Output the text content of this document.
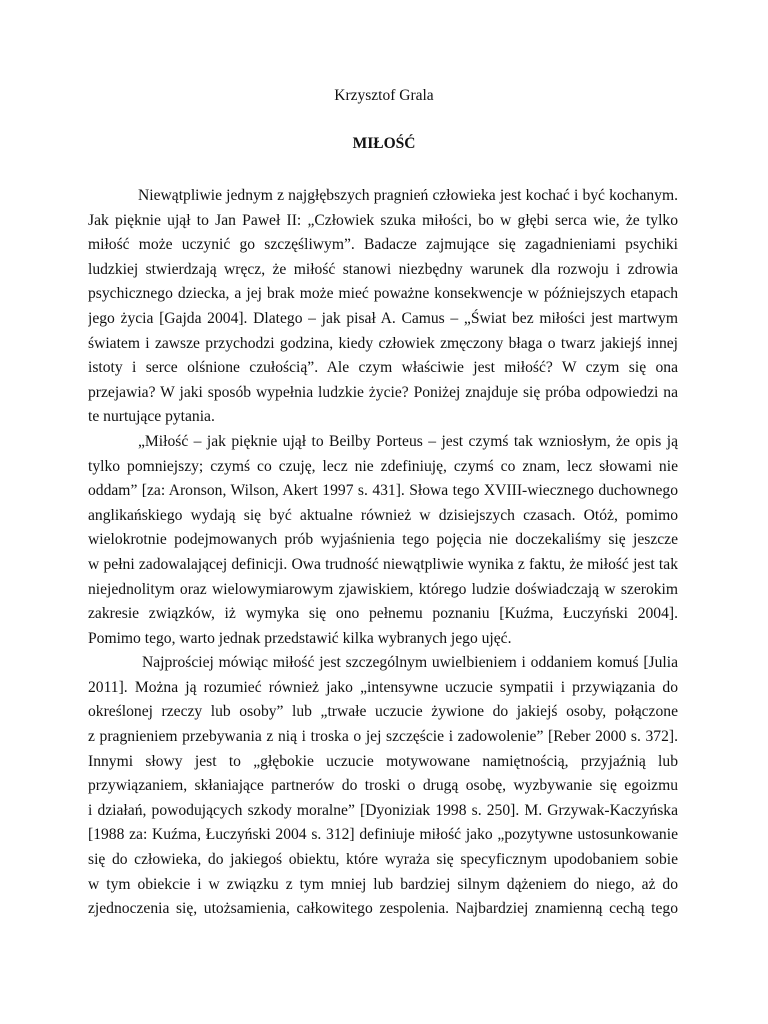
Krzysztof Grala
MIŁOŚĆ
Niewątpliwie jednym z najgłębszych pragnień człowieka jest kochać i być kochanym.
Jak pięknie ujął to Jan Paweł II: „Człowiek szuka miłości, bo w głębi serca wie, że tylko
miłość może uczynić go szczęśliwym”. Badacze zajmujące się zagadnieniami psychiki
ludzkiej stwierdzają wręcz, że miłość stanowi niezbędny warunek dla rozwoju i zdrowia
psychicznego dziecka, a jej brak może mieć poważne konsekwencje w późniejszych etapach
jego życia [Gajda 2004]. Dlatego – jak pisał A. Camus – „Świat bez miłości jest martwym
światem i zawsze przychodzi godzina, kiedy człowiek zmęczony błaga o twarz jakiejś innej
istoty i serce olśnione czułością”. Ale czym właściwie jest miłość? W czym się ona
przejawia? W jaki sposób wypełnia ludzkie życie? Poniżej znajduje się próba odpowiedzi na
te nurtujące pytania.
„Miłość – jak pięknie ujął to Beilby Porteus – jest czymś tak wzniosłym, że opis ją
tylko pomniejszy; czymś co czuję, lecz nie zdefiniuję, czymś co znam, lecz słowami nie
oddam” [za: Aronson, Wilson, Akert 1997 s. 431]. Słowa tego XVIII-wiecznego duchownego
anglikańskiego wydają się być aktualne również w dzisiejszych czasach. Otóż, pomimo
wielokrotnie podejmowanych prób wyjaśnienia tego pojęcia nie doczekaliśmy się jeszcze
w pełni zadowalającej definicji. Owa trudność niewątpliwie wynika z faktu, że miłość jest tak
niejednolitym oraz wielowymiarowym zjawiskiem, którego ludzie doświadczają w szerokim
zakresie związków, iż wymyka się ono pełnemu poznaniu [Kuźma, Łuczyński 2004].
Pomimo tego, warto jednak przedstawić kilka wybranych jego ujęć.
Najprościej mówiąc miłość jest szczególnym uwielbieniem i oddaniem komuś [Julia
2011]. Można ją rozumieć również jako „intensywne uczucie sympatii i przywiązania do
określonej rzeczy lub osoby” lub „trwałe uczucie żywione do jakiejś osoby, połączone
z pragnieniem przebywania z nią i troska o jej szczęście i zadowolenie” [Reber 2000 s. 372].
Innymi słowy jest to „głębokie uczucie motywowane namiętnością, przyjaźnią lub
przywiązaniem, skłaniające partnerów do troski o drugą osobę, wyzbywanie się egoizmu
i działań, powodujących szkody moralne” [Dyoniziak 1998 s. 250]. M. Grzywak-Kaczyńska
[1988 za: Kuźma, Łuczyński 2004 s. 312] definiuje miłość jako „pozytywne ustosunkowanie
się do człowieka, do jakiegoś obiektu, które wyraża się specyficznym upodobaniem sobie
w tym obiekcie i w związku z tym mniej lub bardziej silnym dążeniem do niego, aż do
zjednoczenia się, utożsamienia, całkowitego zespolenia. Najbardziej znamienną cechą tego
